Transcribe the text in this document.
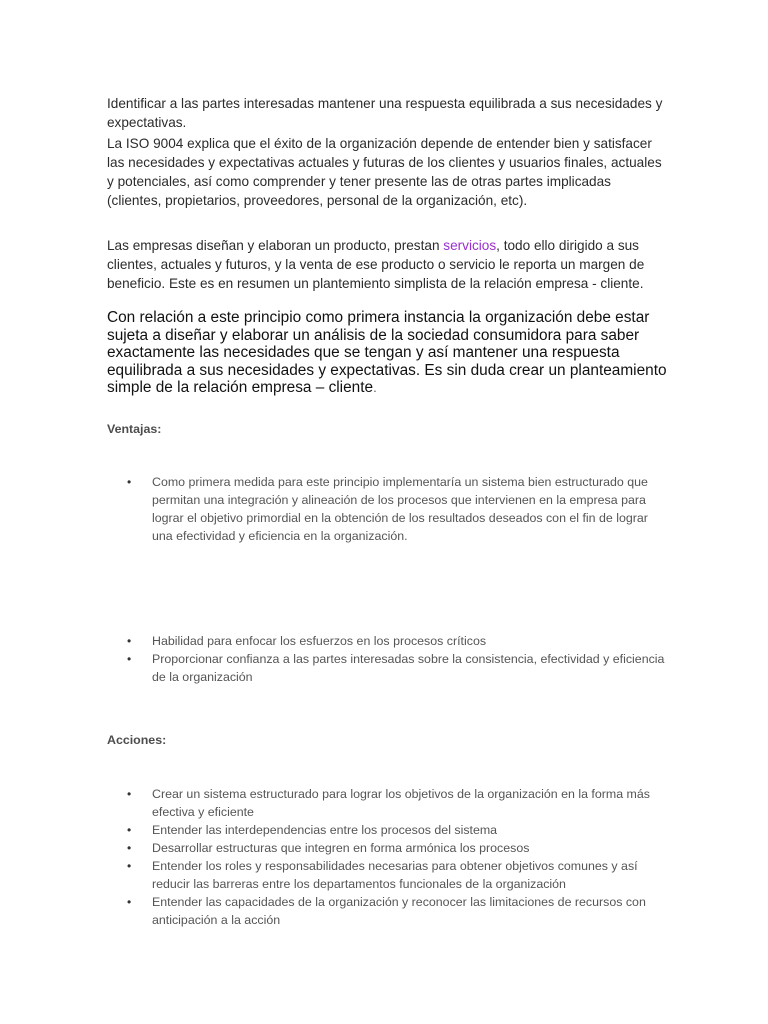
Identificar a las partes interesadas mantener una respuesta equilibrada a sus necesidades y expectativas.

La ISO 9004 explica que el éxito de la organización depende de entender bien y satisfacer las necesidades y expectativas actuales y futuras de los clientes y usuarios finales, actuales y potenciales, así como comprender y tener presente las de otras partes implicadas (clientes, propietarios, proveedores, personal de la organización, etc).

Las empresas diseñan y elaboran un producto, prestan servicios, todo ello dirigido a sus clientes, actuales y futuros, y la venta de ese producto o servicio le reporta un margen de beneficio. Este es en resumen un plantemiento simplista de la relación empresa - cliente.

Con relación a este principio como primera instancia la organización debe estar sujeta a diseñar y elaborar un análisis de la sociedad consumidora para saber exactamente las necesidades que se tengan y así mantener una respuesta equilibrada a sus necesidades y expectativas. Es sin duda crear un planteamiento simple de la relación empresa – cliente.

Ventajas:
• Como primera medida para este principio implementaría un sistema bien estructurado que permitan una integración y alineación de los procesos que intervienen en la empresa para lograr el objetivo primordial en la obtención de los resultados deseados con el fin de lograr una efectividad y eficiencia en la organización.
• Habilidad para enfocar los esfuerzos en los procesos críticos
• Proporcionar confianza a las partes interesadas sobre la consistencia, efectividad y eficiencia de la organización
Acciones:
• Crear un sistema estructurado para lograr los objetivos de la organización en la forma más efectiva y eficiente
• Entender las interdependencias entre los procesos del sistema
• Desarrollar estructuras que integren en forma armónica los procesos
• Entender los roles y responsabilidades necesarias para obtener objetivos comunes y así reducir las barreras entre los departamentos funcionales de la organización
• Entender las capacidades de la organización y reconocer las limitaciones de recursos con anticipación a la acción
